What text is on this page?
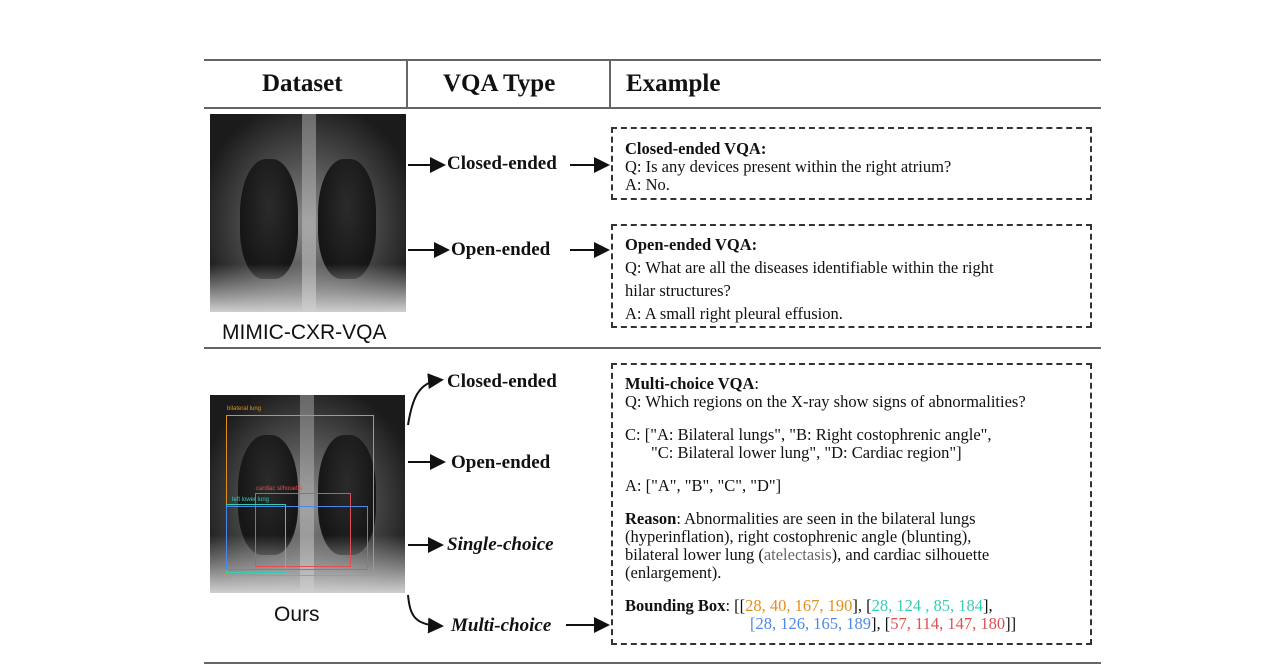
Dataset	VQA Type	Example
MIMIC-CXR-VQA
Closed-ended
Open-ended
Closed-ended VQA:
Q: Is any devices present within the right atrium?
A: No.
Open-ended VQA:
Q: What are all the diseases identifiable within the right
hilar structures?
A: A small right pleural effusion.
bilateral lung
cardiac silhouette
left lower lung
Ours
Closed-ended
Open-ended
Single-choice
Multi-choice
Multi-choice VQA:
Q: Which regions on the X-ray show signs of abnormalities?
C: ["A: Bilateral lungs", "B: Right costophrenic angle",
"C: Bilateral lower lung", "D: Cardiac region"]
A: ["A", "B", "C", "D"]
Reason: Abnormalities are seen in the bilateral lungs
(hyperinflation), right costophrenic angle (blunting),
bilateral lower lung (atelectasis), and cardiac silhouette
(enlargement).
Bounding Box: [[28, 40, 167, 190], [28, 124 , 85, 184],
[28, 126, 165, 189], [57, 114, 147, 180]]
